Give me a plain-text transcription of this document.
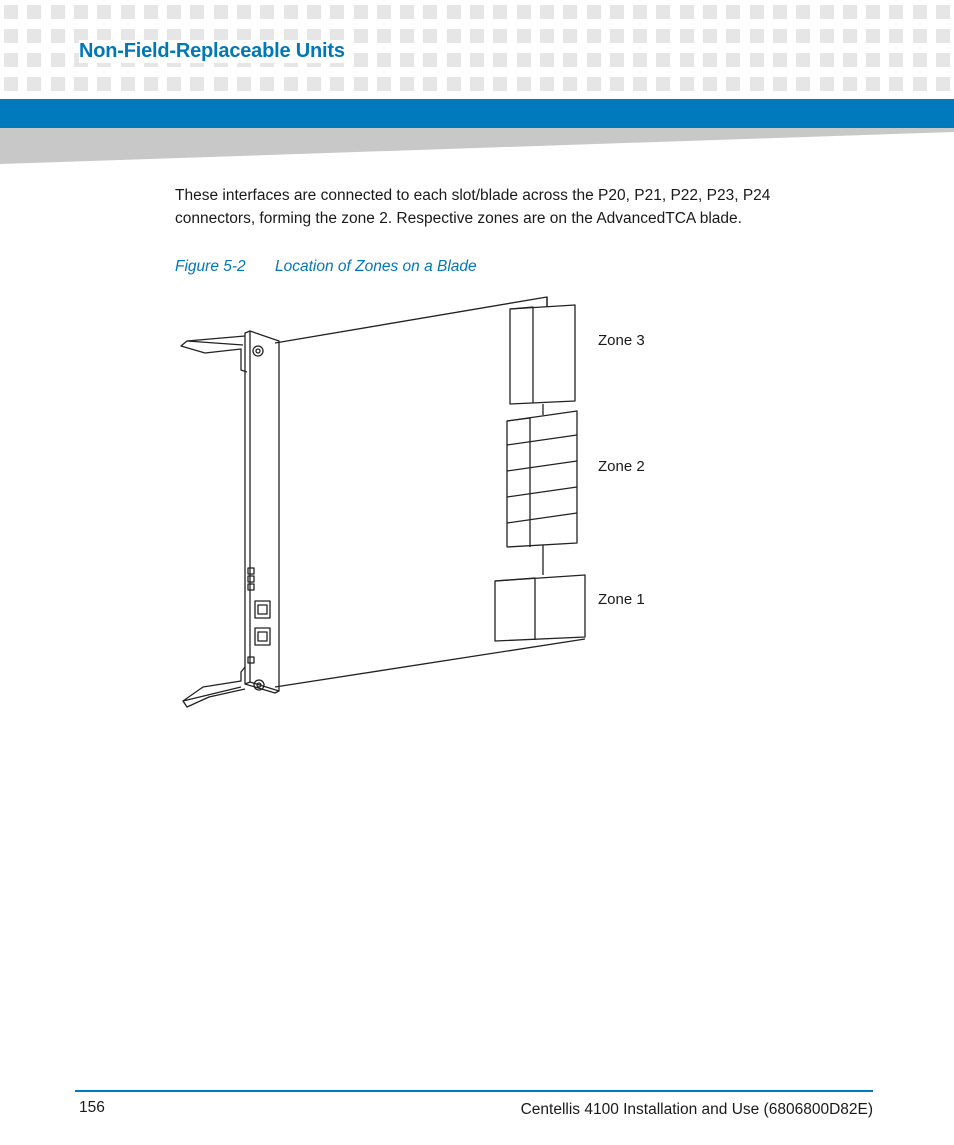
Non-Field-Replaceable Units

These interfaces are connected to each slot/blade across the P20, P21, P22, P23, P24 connectors, forming the zone 2. Respective zones are on the AdvancedTCA blade.

Figure 5-2 Location of Zones on a Blade
Zone 3
Zone 2
Zone 1
156	Centellis 4100 Installation and Use (6806800D82E)
